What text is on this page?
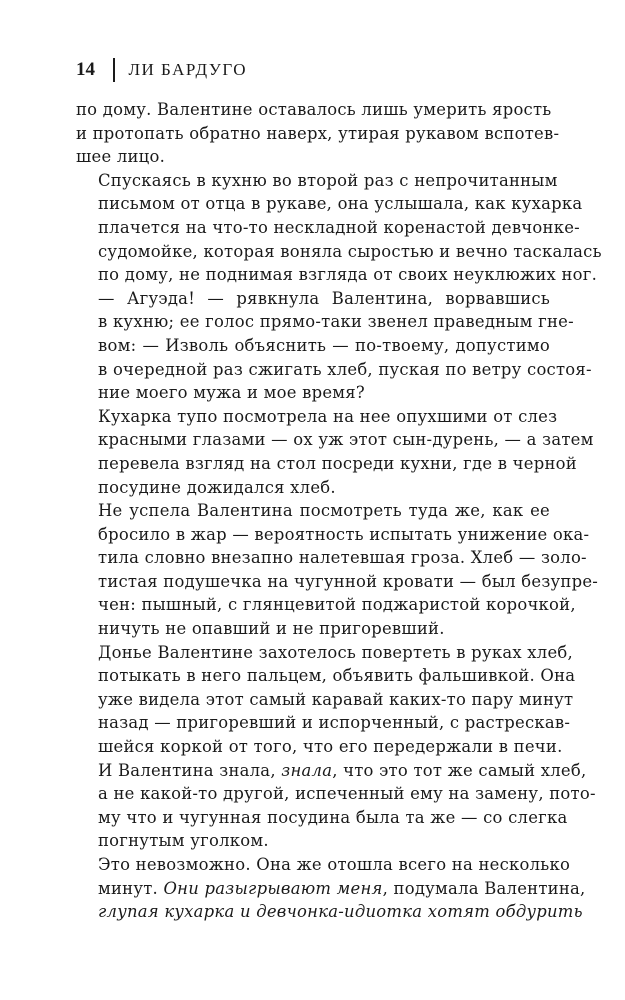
14 ЛИ БАРДУГО

по дому. Валентине оставалось лишь умерить ярость
и протопать обратно наверх, утирая рукавом вспотев-
шее лицо.

Спускаясь в кухню во второй раз с непрочитанным
письмом от отца в рукаве, она услышала, как кухарка
плачется на что-то нескладной коренастой девчонке-
судомойке, которая воняла сыростью и вечно таскалась
по дому, не поднимая взгляда от своих неуклюжих ног.

— Агуэда! — рявкнула Валентина, ворвавшись
в кухню; ее голос прямо-таки звенел праведным гне-
вом: — Изволь объяснить — по-твоему, допустимо
в очередной раз сжигать хлеб, пуская по ветру состоя-
ние моего мужа и мое время?

Кухарка тупо посмотрела на нее опухшими от слез
красными глазами — ох уж этот сын-дурень, — а затем
перевела взгляд на стол посреди кухни, где в черной
посудине дожидался хлеб.

Не успела Валентина посмотреть туда же, как ее
бросило в жар — вероятность испытать унижение ока-
тила словно внезапно налетевшая гроза. Хлеб — золо-
тистая подушечка на чугунной кровати — был безупре-
чен: пышный, с глянцевитой поджаристой корочкой,
ничуть не опавший и не пригоревший.

Донье Валентине захотелось повертеть в руках хлеб,
потыкать в него пальцем, объявить фальшивкой. Она
уже видела этот самый каравай каких-то пару минут
назад — пригоревший и испорченный, с растрескав-
шейся коркой от того, что его передержали в печи.
И Валентина знала, знала, что это тот же самый хлеб,
а не какой-то другой, испеченный ему на замену, пото-
му что и чугунная посудина была та же — со слегка
погнутым уголком.

Это невозможно. Она же отошла всего на несколько
минут. Они разыгрывают меня, подумала Валентина,
глупая кухарка и девчонка-идиотка хотят обдурить
